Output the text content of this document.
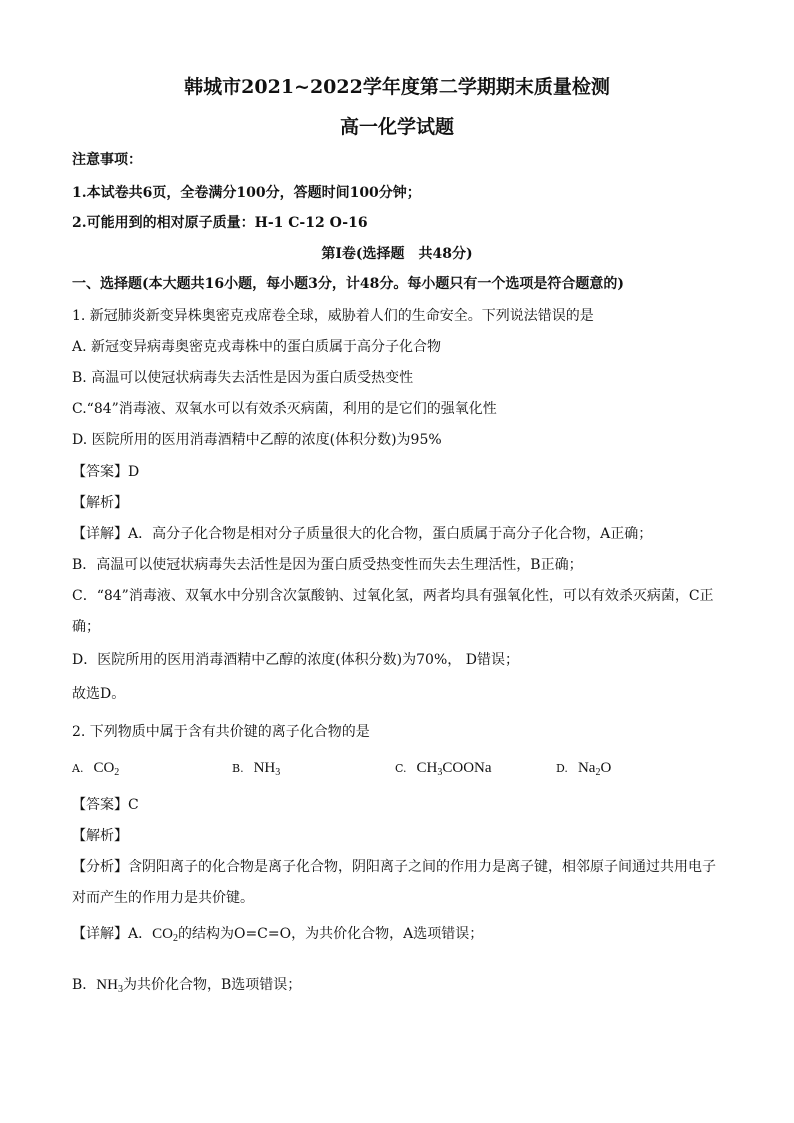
韩城市2021~2022学年度第二学期期末质量检测
高一化学试题
注意事项：
1.本试卷共6页，全卷满分100分，答题时间100分钟；
2.可能用到的相对原子质量：H-1 C-12 O-16
第Ⅰ卷(选择题　共48分)
一、选择题(本大题共16小题，每小题3分，计48分。每小题只有一个选项是符合题意的)
1. 新冠肺炎新变异株奥密克戎席卷全球，威胁着人们的生命安全。下列说法错误的是
A. 新冠变异病毒奥密克戎毒株中的蛋白质属于高分子化合物
B. 高温可以使冠状病毒失去活性是因为蛋白质受热变性
C.“84”消毒液、双氧水可以有效杀灭病菌，利用的是它们的强氧化性
D. 医院所用的医用消毒酒精中乙醇的浓度(体积分数)为95%
【答案】D
【解析】
【详解】A．高分子化合物是相对分子质量很大的化合物，蛋白质属于高分子化合物，A正确；
B．高温可以使冠状病毒失去活性是因为蛋白质受热变性而失去生理活性，B正确；
C．“84”消毒液、双氧水中分别含次氯酸钠、过氧化氢，两者均具有强氧化性，可以有效杀灭病菌，C正
确；
D．医院所用的医用消毒酒精中乙醇的浓度(体积分数)为70%， D错误；
故选D。
2. 下列物质中属于含有共价键的离子化合物的是
A. $CO_2$	B. $NH_3$	C. $CH_3COONa$	D. $Na_2O$
【答案】C
【解析】
【分析】含阴阳离子的化合物是离子化合物，阴阳离子之间的作用力是离子键，相邻原子间通过共用电子
对而产生的作用力是共价键。
【详解】A．$CO_2$的结构为O=C=O，为共价化合物，A选项错误；
B．$NH_3$为共价化合物，B选项错误；
